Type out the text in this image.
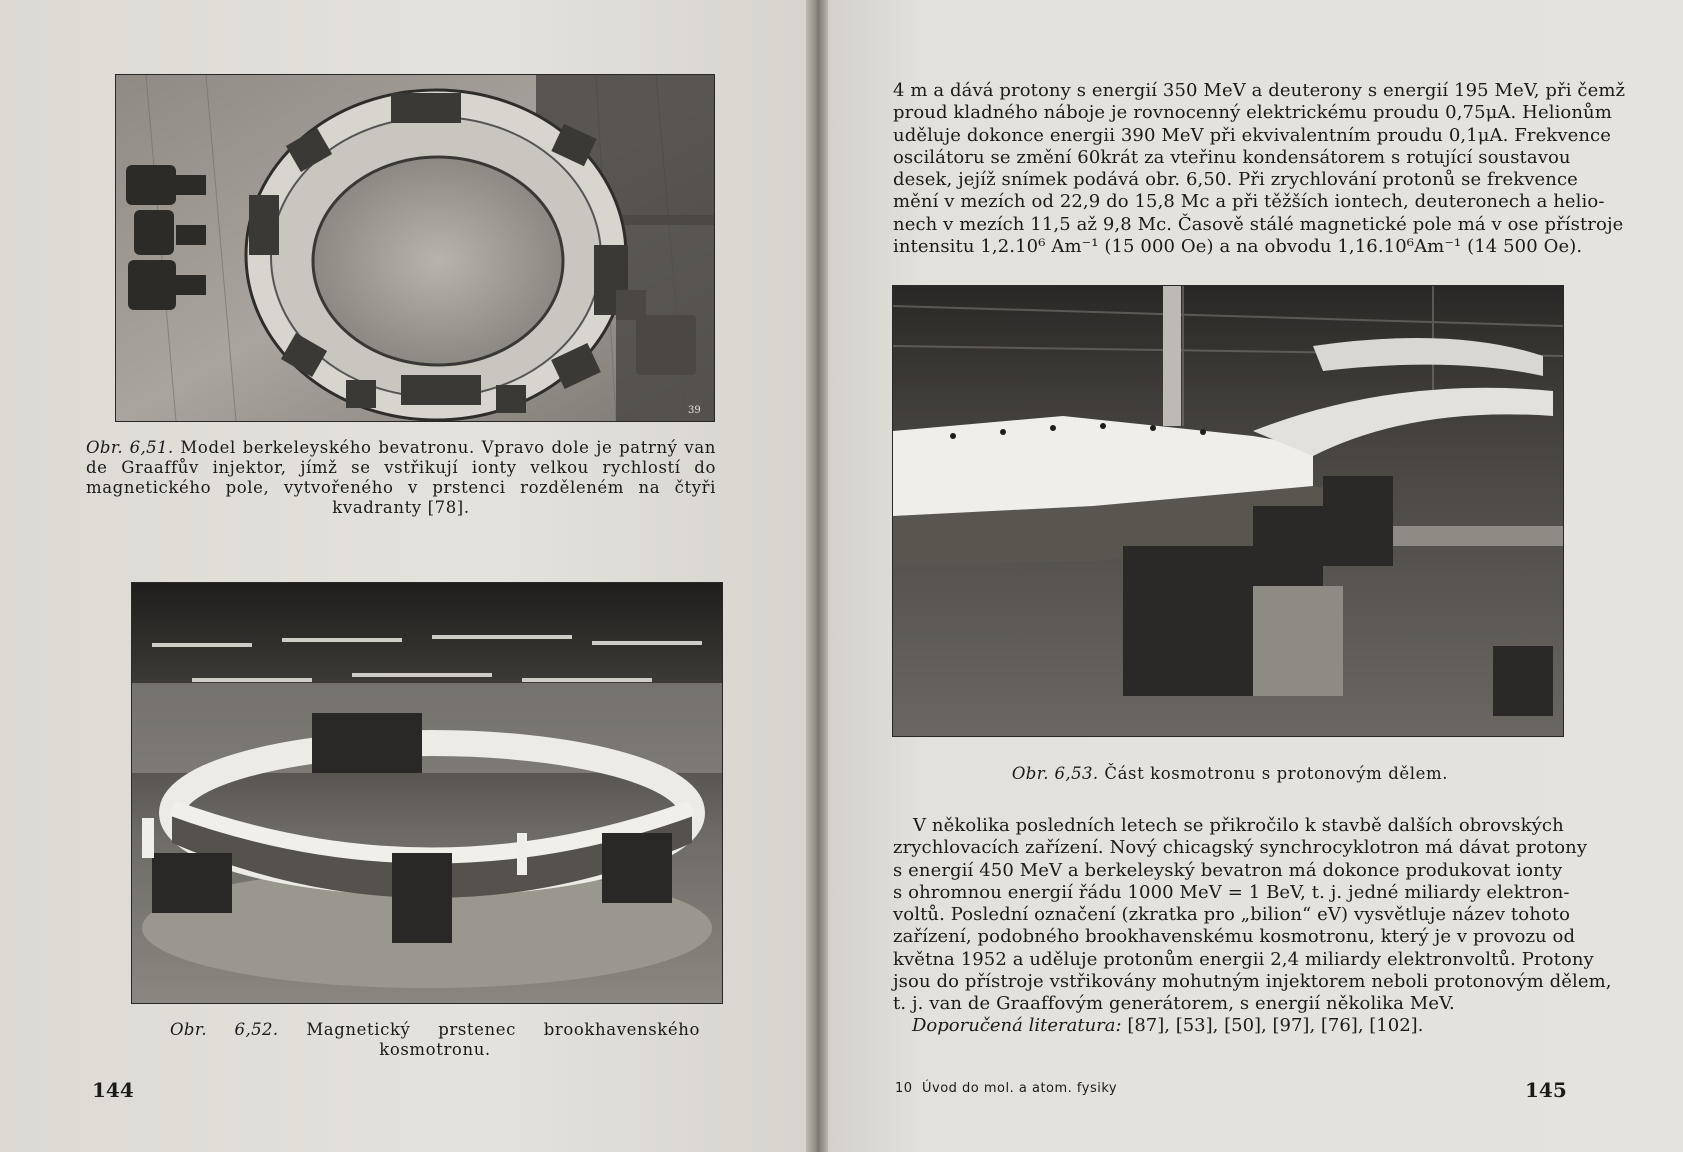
39
Obr. 6,51. Model berkeleyského bevatronu. Vpravo dole je patrný van de Graaffův injektor, jímž se vstřikují ionty velkou rychlostí do magnetického pole, vytvořeného v prstenci rozděleném na čtyři kvadranty [78].
Obr. 6,52. Magnetický prstenec brookhavenského kosmotronu.
144

4 m a dává protony s energií 350 MeV a deuterony s energií 195 MeV, při čemž
proud kladného náboje je rovnocenný elektrickému proudu 0,75μA. Helionům
uděluje dokonce energii 390 MeV při ekvivalentním proudu 0,1μA. Frekvence
oscilátoru se změní 60krát za vteřinu kondensátorem s rotující soustavou
desek, jejíž snímek podává obr. 6,50. Při zrychlování protonů se frekvence
mění v mezích od 22,9 do 15,8 Mc a při těžších iontech, deuteronech a helio-
nech v mezích 11,5 až 9,8 Mc. Časově stálé magnetické pole má v ose přístroje
intensitu 1,2.10⁶ Am⁻¹ (15 000 Oe) a na obvodu 1,16.10⁶Am⁻¹ (14 500 Oe).

Obr. 6,53. Část kosmotronu s protonovým dělem.

V několika posledních letech se přikročilo k stavbě dalších obrovských
zrychlovacích zařízení. Nový chicagský synchrocyklotron má dávat protony
s energií 450 MeV a berkeleyský bevatron má dokonce produkovat ionty
s ohromnou energií řádu 1000 MeV = 1 BeV, t. j. jedné miliardy elektron-
voltů. Poslední označení (zkratka pro „bilion“ eV) vysvětluje název tohoto
zařízení, podobného brookhavenskému kosmotronu, který je v provozu od
května 1952 a uděluje protonům energii 2,4 miliardy elektronvoltů. Protony
jsou do přístroje vstřikovány mohutným injektorem neboli protonovým dělem,
t. j. van de Graaffovým generátorem, s energií několika MeV.

Doporučená literatura: [87], [53], [50], [97], [76], [102].
10 Úvod do mol. a atom. fysiky	145
